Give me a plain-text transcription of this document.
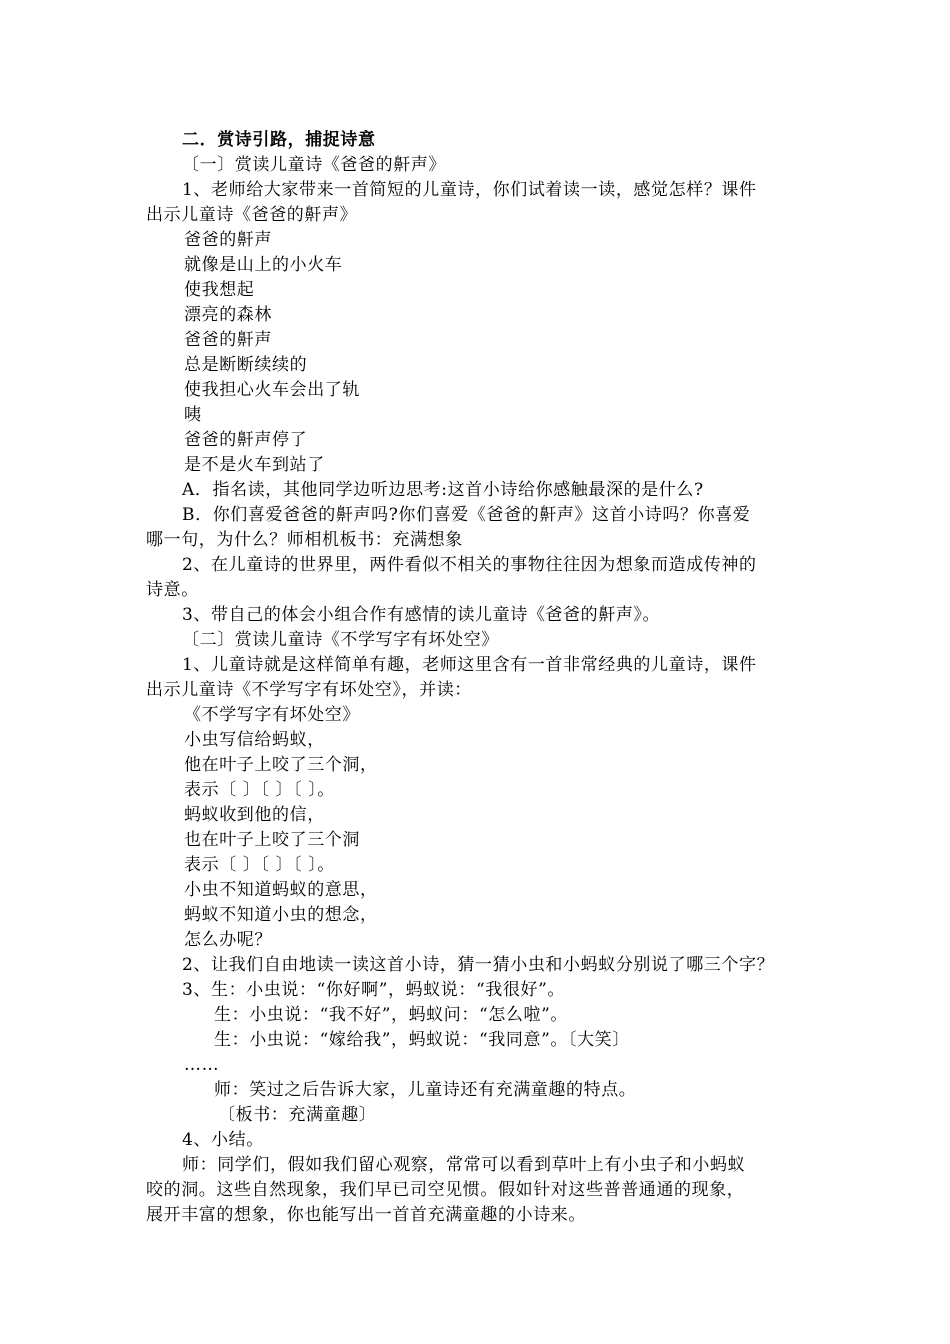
二．赏诗引路，捕捉诗意
〔一〕赏读儿童诗《爸爸的鼾声》
1、老师给大家带来一首简短的儿童诗，你们试着读一读，感觉怎样？课件
出示儿童诗《爸爸的鼾声》
爸爸的鼾声
就像是山上的小火车
使我想起
漂亮的森林
爸爸的鼾声
总是断断续续的
使我担心火车会出了轨
咦
爸爸的鼾声停了
是不是火车到站了
A．指名读，其他同学边听边思考:这首小诗给你感触最深的是什么?
B．你们喜爱爸爸的鼾声吗?你们喜爱《爸爸的鼾声》这首小诗吗？你喜爱
哪一句，为什么？师相机板书：充满想象
2、在儿童诗的世界里，两件看似不相关的事物往往因为想象而造成传神的
诗意。
3、带自己的体会小组合作有感情的读儿童诗《爸爸的鼾声》。
〔二〕赏读儿童诗《不学写字有坏处空》
1、儿童诗就是这样简单有趣，老师这里含有一首非常经典的儿童诗，课件
出示儿童诗《不学写字有坏处空》，并读：
《不学写字有坏处空》
小虫写信给蚂蚁，
他在叶子上咬了三个洞，
表示〔 〕〔 〕〔 〕。
蚂蚁收到他的信，
也在叶子上咬了三个洞
表示〔 〕〔 〕〔 〕。
小虫不知道蚂蚁的意思，
蚂蚁不知道小虫的想念，
怎么办呢？
2、让我们自由地读一读这首小诗，猜一猜小虫和小蚂蚁分别说了哪三个字？
3、生：小虫说：“你好啊”，蚂蚁说：“我很好”。
生：小虫说：“我不好”，蚂蚁问：“怎么啦”。
生：小虫说：“嫁给我”，蚂蚁说：“我同意”。〔大笑〕
……
师：笑过之后告诉大家，儿童诗还有充满童趣的特点。
〔板书：充满童趣〕
4、小结。
师：同学们，假如我们留心观察，常常可以看到草叶上有小虫子和小蚂蚁
咬的洞。这些自然现象，我们早已司空见惯。假如针对这些普普通通的现象，
展开丰富的想象，你也能写出一首首充满童趣的小诗来。
